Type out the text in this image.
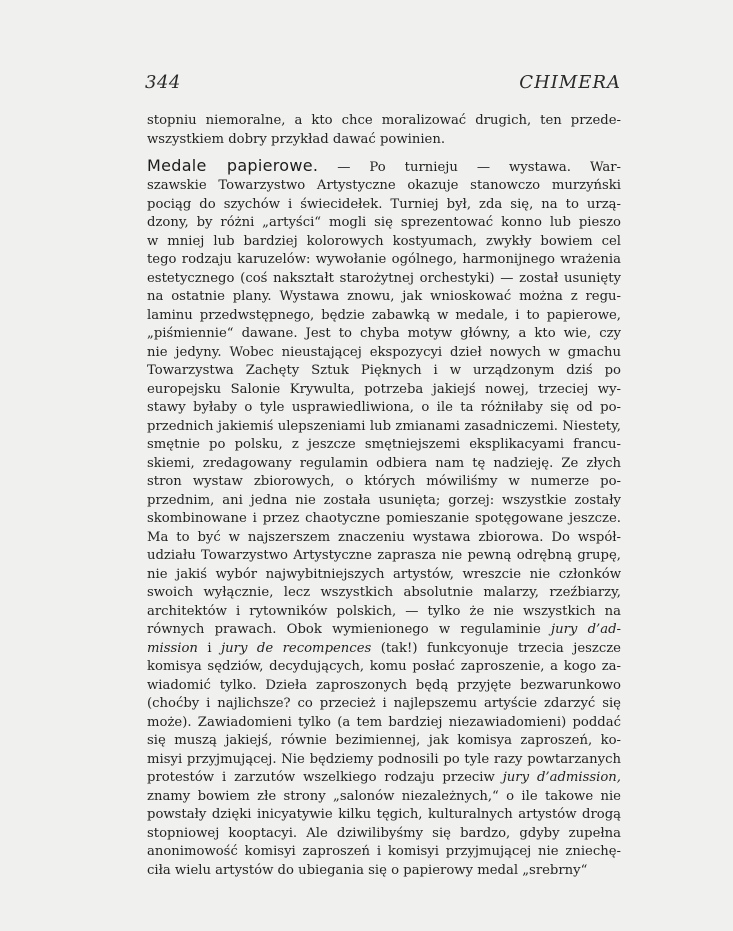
344	CHIMERA
stopniu niemoralne, a kto chce moralizować drugich, ten przede-
wszystkiem dobry przykład dawać powinien.
Medale papierowe. — Po turnieju — wystawa. War-
szawskie Towarzystwo Artystyczne okazuje stanowczo murzyński
pociąg do szychów i świecidełek. Turniej był, zda się, na to urzą-
dzony, by różni „artyści“ mogli się sprezentować konno lub pieszo
w mniej lub bardziej kolorowych kostyumach, zwykły bowiem cel
tego rodzaju karuzelów: wywołanie ogólnego, harmonijnego wrażenia
estetycznego (coś nakształt starożytnej orchestyki) — został usunięty
na ostatnie plany. Wystawa znowu, jak wnioskować można z regu-
laminu przedwstępnego, będzie zabawką w medale, i to papierowe,
„piśmiennie“ dawane. Jest to chyba motyw główny, a kto wie, czy
nie jedyny. Wobec nieustającej ekspozycyi dzieł nowych w gmachu
Towarzystwa Zachęty Sztuk Pięknych i w urządzonym dziś po
europejsku Salonie Krywulta, potrzeba jakiejś nowej, trzeciej wy-
stawy byłaby o tyle usprawiedliwiona, o ile ta różniłaby się od po-
przednich jakiemiś ulepszeniami lub zmianami zasadniczemi. Niestety,
smętnie po polsku, z jeszcze smętniejszemi eksplikacyami francu-
skiemi, zredagowany regulamin odbiera nam tę nadzieję. Ze złych
stron wystaw zbiorowych, o których mówiliśmy w numerze po-
przednim, ani jedna nie została usunięta; gorzej: wszystkie zostały
skombinowane i przez chaotyczne pomieszanie spotęgowane jeszcze.
Ma to być w najszerszem znaczeniu wystawa zbiorowa. Do współ-
udziału Towarzystwo Artystyczne zaprasza nie pewną odrębną grupę,
nie jakiś wybór najwybitniejszych artystów, wreszcie nie członków
swoich wyłącznie, lecz wszystkich absolutnie malarzy, rzeźbiarzy,
architektów i rytowników polskich, — tylko że nie wszystkich na
równych prawach. Obok wymienionego w regulaminie jury d’ad-
mission i jury de recompences (tak!) funkcyonuje trzecia jeszcze
komisya sędziów, decydujących, komu posłać zaproszenie, a kogo za-
wiadomić tylko. Dzieła zaproszonych będą przyjęte bezwarunkowo
(choćby i najlichsze? co przecież i najlepszemu artyście zdarzyć się
może). Zawiadomieni tylko (a tem bardziej niezawiadomieni) poddać
się muszą jakiejś, równie bezimiennej, jak komisya zaproszeń, ko-
misyi przyjmującej. Nie będziemy podnosili po tyle razy powtarzanych
protestów i zarzutów wszelkiego rodzaju przeciw jury d’admission,
znamy bowiem złe strony „salonów niezależnych,“ o ile takowe nie
powstały dzięki inicyatywie kilku tęgich, kulturalnych artystów drogą
stopniowej kooptacyi. Ale dziwilibyśmy się bardzo, gdyby zupełna
anonimowość komisyi zaproszeń i komisyi przyjmującej nie zniechę-
ciła wielu artystów do ubiegania się o papierowy medal „srebrny“
